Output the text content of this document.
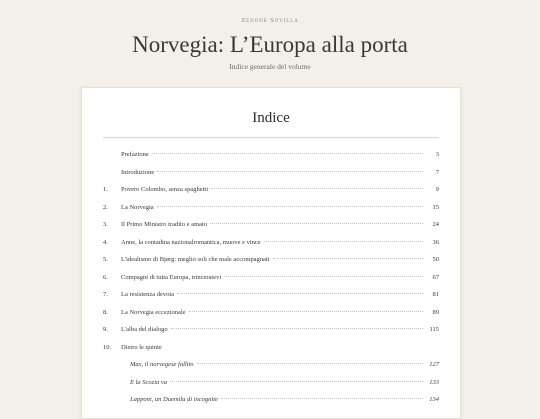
Zenone Sovilla
Norvegia: L’Europa alla porta
Indice generale del volume
Indice
Prefazione	3
Introduzione	7
1.	Povero Colombo, senza spaghetti	9
2.	La Norvegia	15
3.	Il Primo Ministro tradito e amato	24
4.	Anne, la contadina nazionalromantica, muove e vince	36
5.	L'idealismo di Bjørg: meglio soli che male accompagnati	50
6.	Compagni di tutta Europa, trinceratevi	67
7.	La resistenza devota	81
8.	La Norvegia eccezionale	89
9.	L'alba del dialogo	115
10.	Dietro le quinte
Max, il norvegese fallito	127
E la Scozia va	133
Lapponi, un Duemila di incognite	134
